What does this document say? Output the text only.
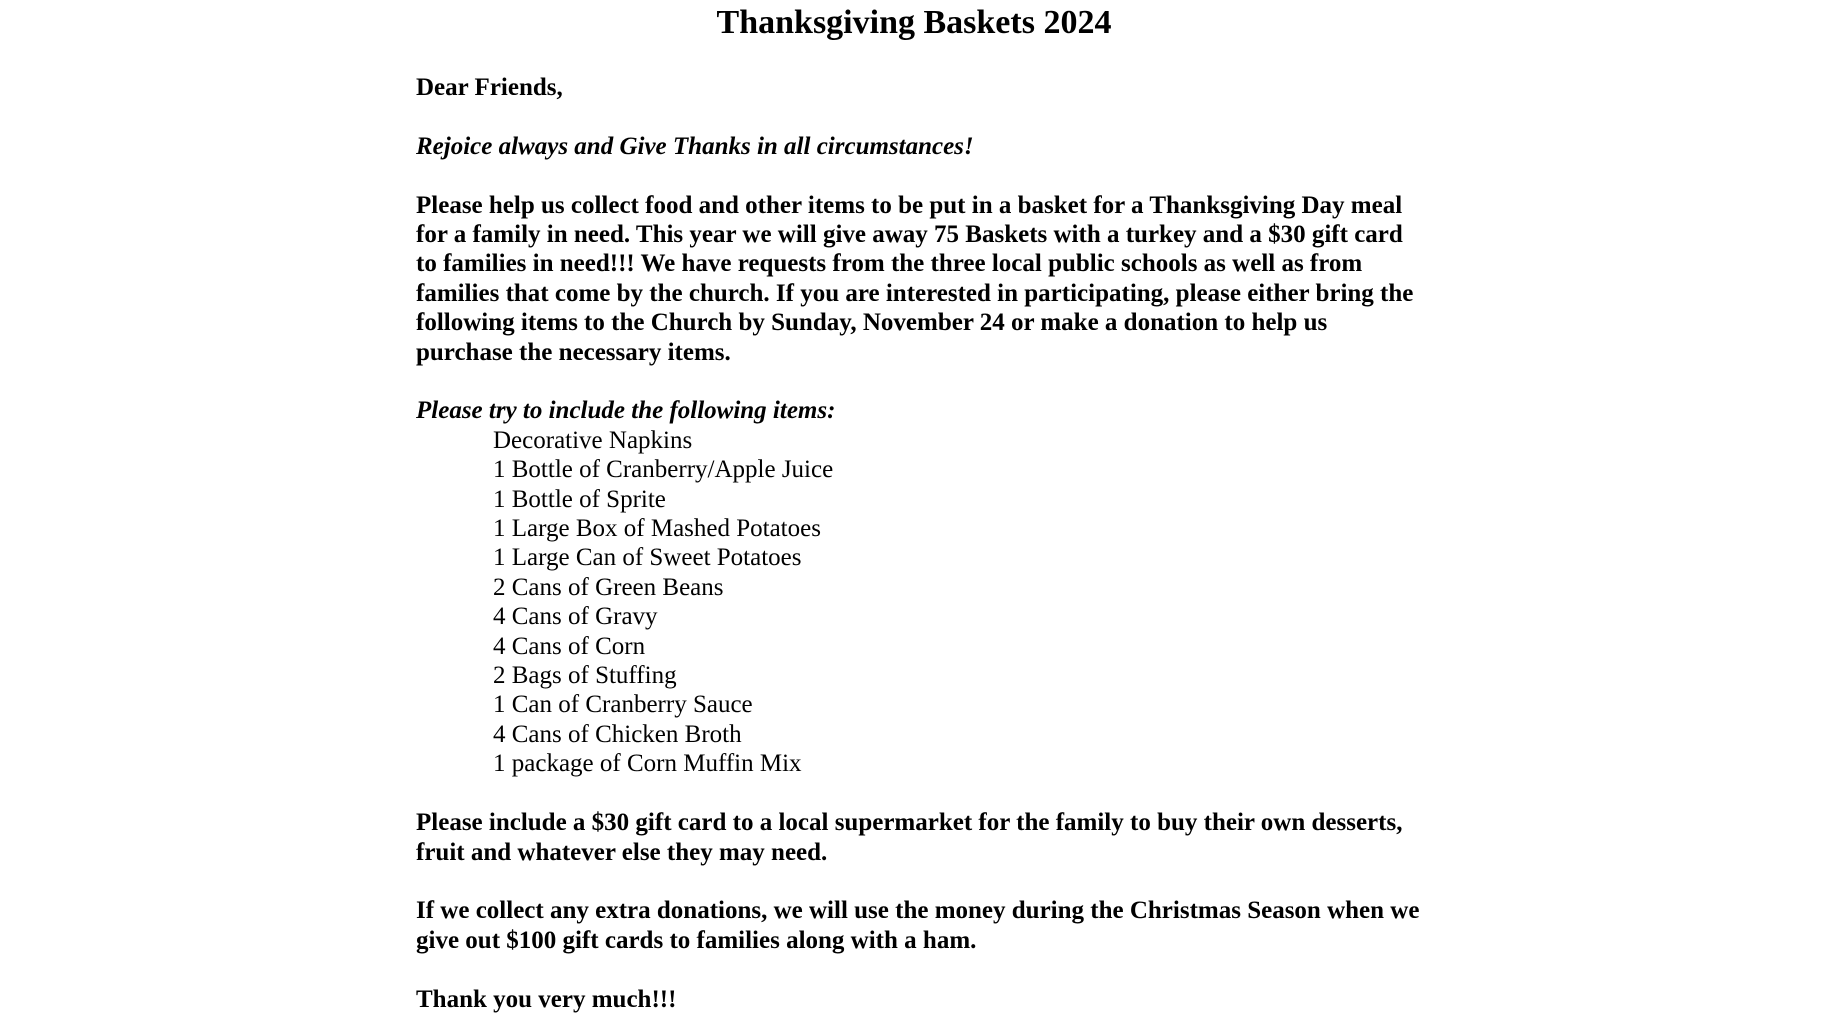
Thanksgiving Baskets 2024

Dear Friends,

Rejoice always and Give Thanks in all circumstances!

Please help us collect food and other items to be put in a basket for a Thanksgiving Day meal for a family in need. This year we will give away 75 Baskets with a turkey and a $30 gift card to families in need!!! We have requests from the three local public schools as well as from families that come by the church. If you are interested in participating, please either bring the following items to the Church by Sunday, November 24 or make a donation to help us purchase the necessary items.

Please try to include the following items:

Decorative Napkins
1 Bottle of Cranberry/Apple Juice
1 Bottle of Sprite
1 Large Box of Mashed Potatoes
1 Large Can of Sweet Potatoes
2 Cans of Green Beans
4 Cans of Gravy
4 Cans of Corn
2 Bags of Stuffing
1 Can of Cranberry Sauce
4 Cans of Chicken Broth
1 package of Corn Muffin Mix

Please include a $30 gift card to a local supermarket for the family to buy their own desserts, fruit and whatever else they may need.

If we collect any extra donations, we will use the money during the Christmas Season when we give out $100 gift cards to families along with a ham.

Thank you very much!!!
